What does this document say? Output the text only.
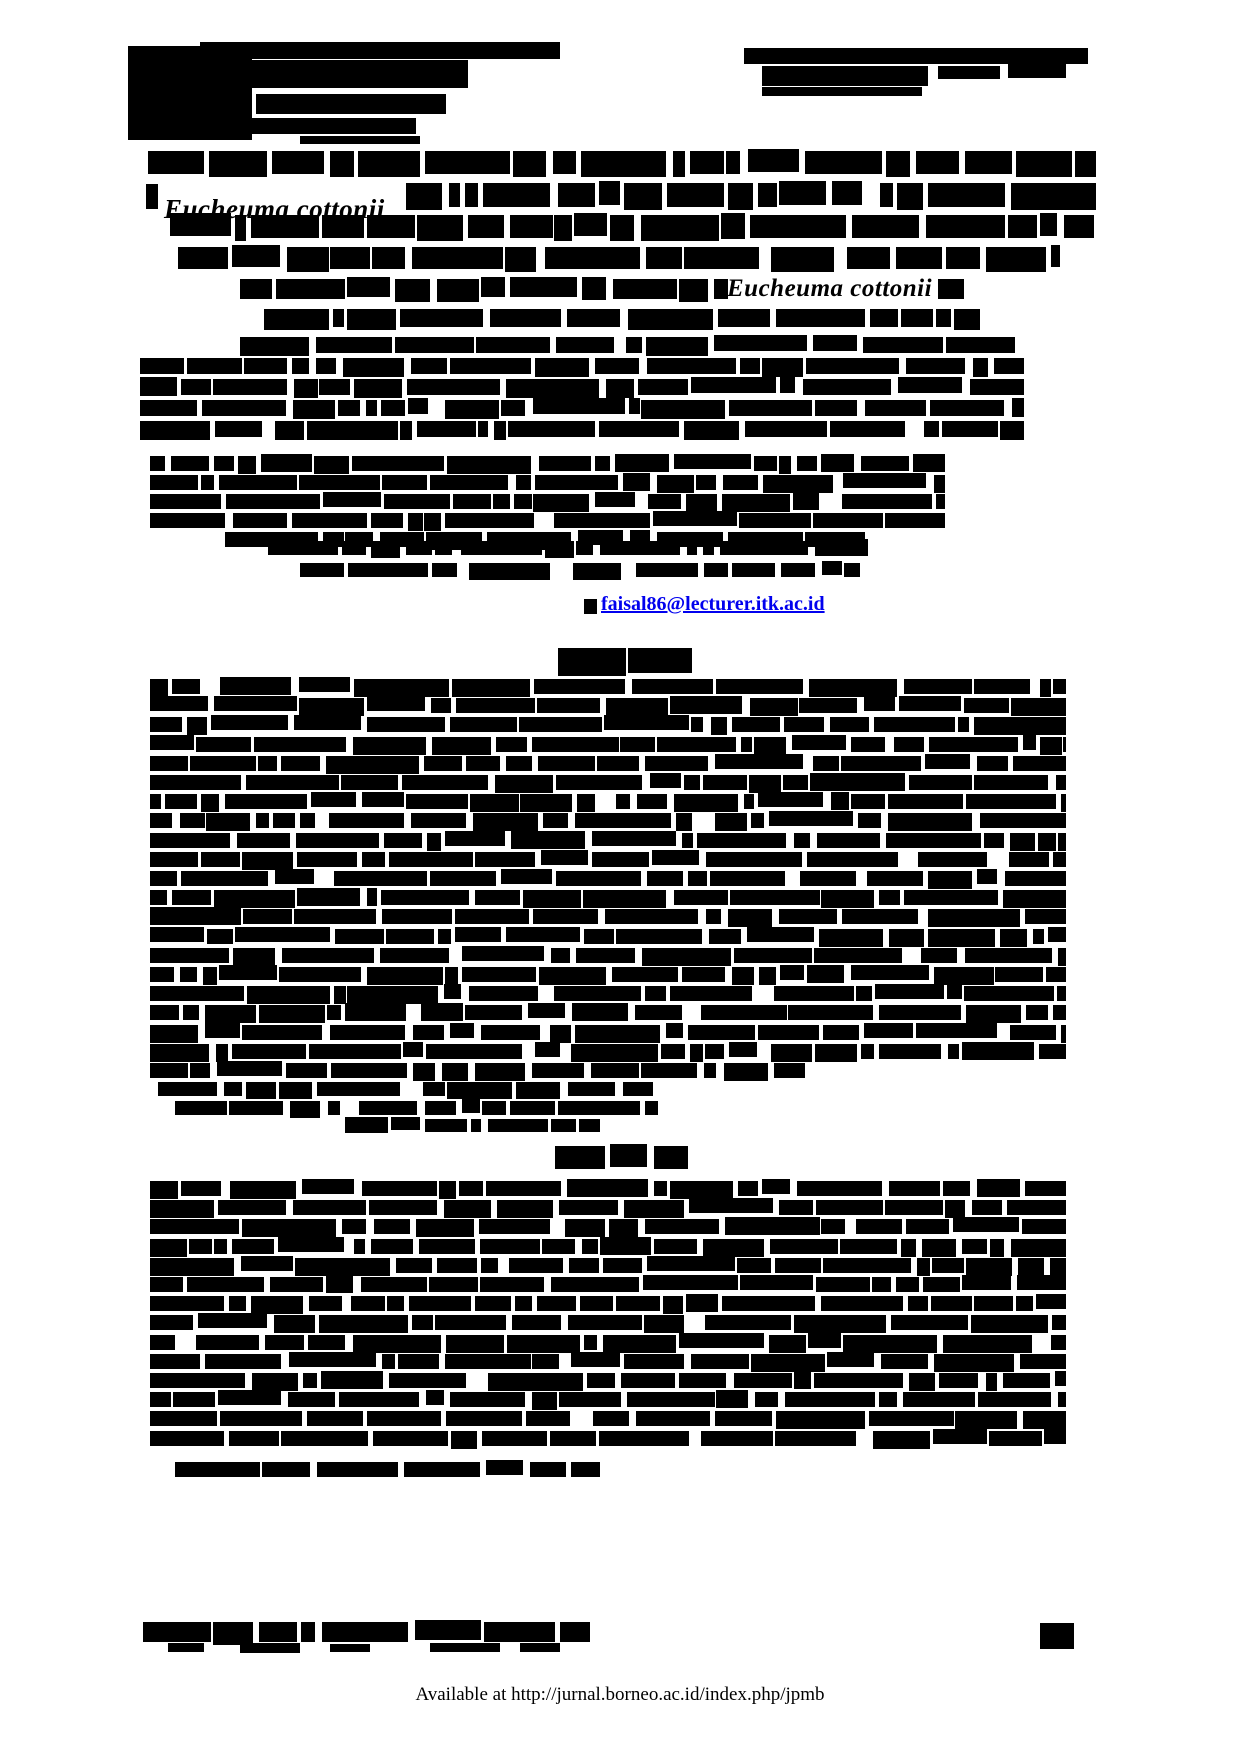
Eucheuma cottonii
Eucheuma cottonii
faisal86@lecturer.itk.ac.id
Available at http://jurnal.borneo.ac.id/index.php/jpmb
